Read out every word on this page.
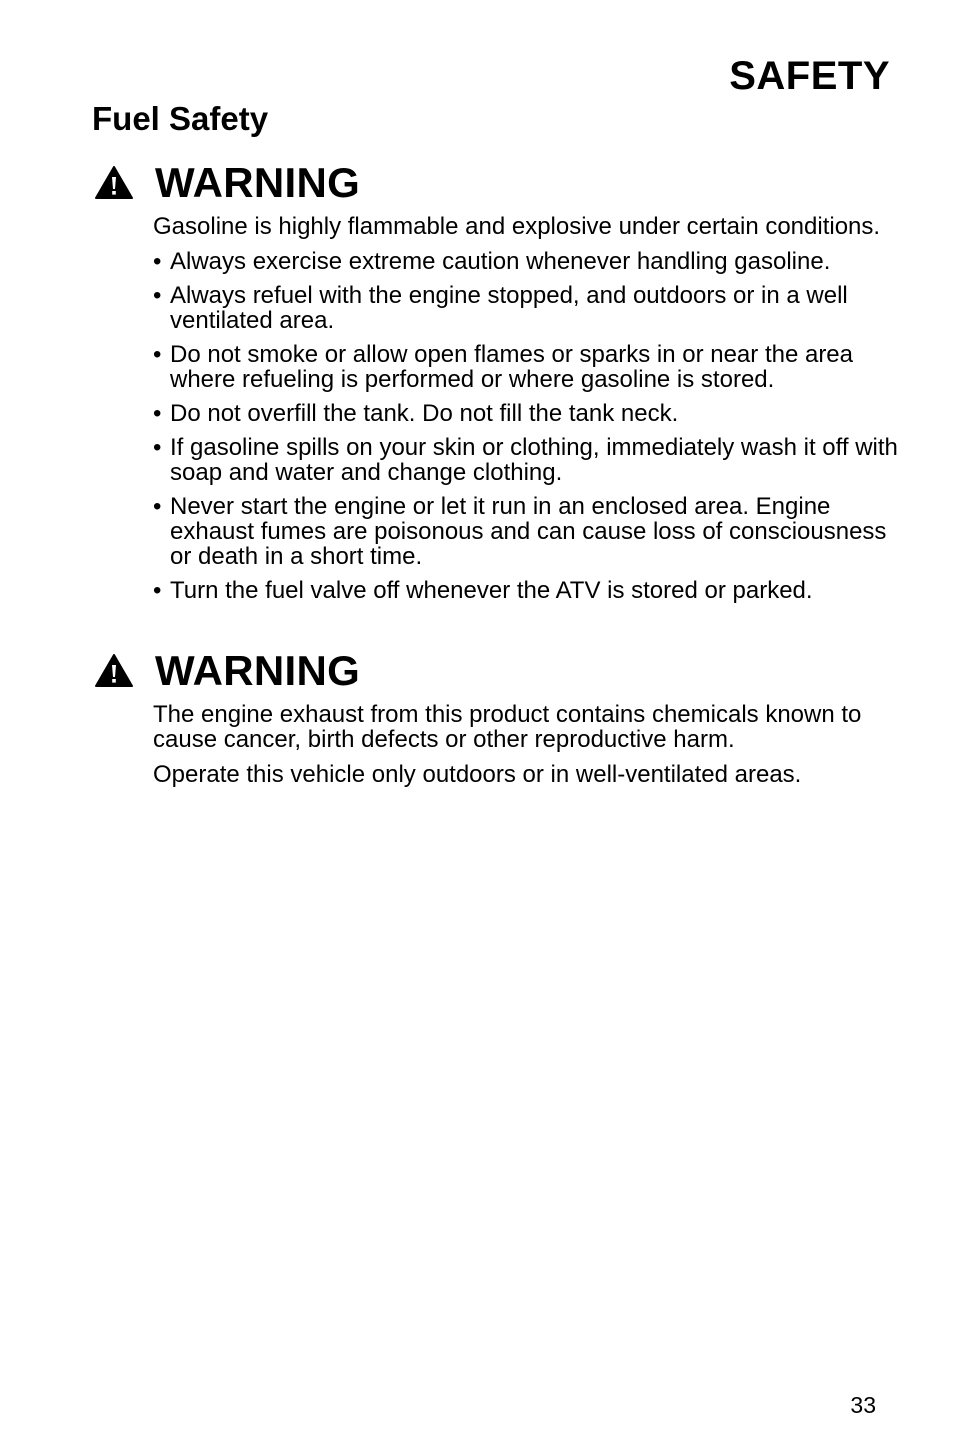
SAFETY
Fuel Safety
WARNING

Gasoline is highly flammable and explosive under certain conditions.

• Always exercise extreme caution whenever handling gasoline.
• Always refuel with the engine stopped, and outdoors or in a well ventilated area.
• Do not smoke or allow open flames or sparks in or near the area where refueling is performed or where gasoline is stored.
• Do not overfill the tank. Do not fill the tank neck.
• If gasoline spills on your skin or clothing, immediately wash it off with soap and water and change clothing.
• Never start the engine or let it run in an enclosed area. Engine exhaust fumes are poisonous and can cause loss of consciousness or death in a short time.
• Turn the fuel valve off whenever the ATV is stored or parked.
WARNING

The engine exhaust from this product contains chemicals known to cause cancer, birth defects or other reproductive harm.

Operate this vehicle only outdoors or in well-ventilated areas.

33
